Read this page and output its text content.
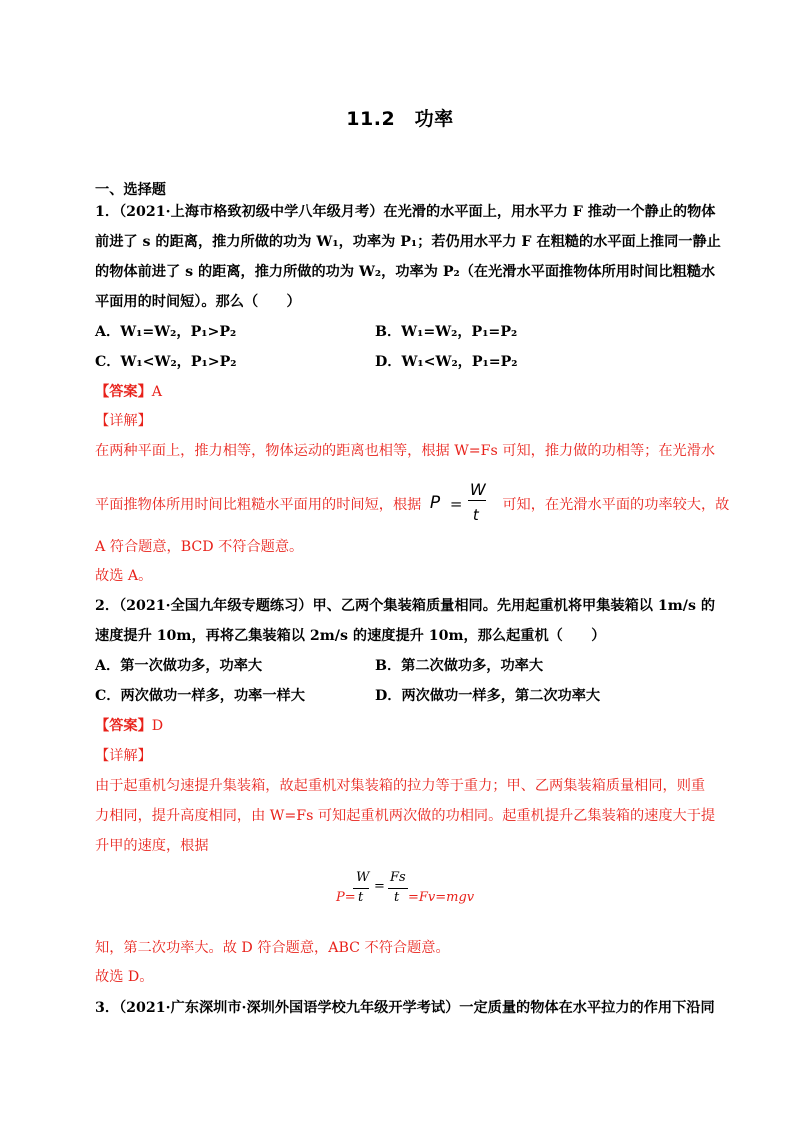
11.2　功率
一、选择题
1．（2021·上海市格致初级中学八年级月考）在光滑的水平面上，用水平力 F 推动一个静止的物体
前进了 s 的距离，推力所做的功为 W₁，功率为 P₁；若仍用水平力 F 在粗糙的水平面上推同一静止
的物体前进了 s 的距离，推力所做的功为 W₂，功率为 P₂（在光滑水平面推物体所用时间比粗糙水
平面用的时间短）。那么（　　）
A．W₁=W₂，P₁>P₂	B．W₁=W₂，P₁=P₂
C．W₁<W₂，P₁>P₂	D．W₁<W₂，P₁=P₂
【答案】A
【详解】
在两种平面上，推力相等，物体运动的距离也相等，根据 W=Fs 可知，推力做的功相等；在光滑水
平面推物体所用时间比粗糙水平面用的时间短，根据 P =
W
t
可知，在光滑水平面的功率较大，故
A 符合题意，BCD 不符合题意。
故选 A。
2．（2021·全国九年级专题练习）甲、乙两个集装箱质量相同。先用起重机将甲集装箱以 1m/s 的
速度提升 10m，再将乙集装箱以 2m/s 的速度提升 10m，那么起重机（　　）
A．第一次做功多，功率大	B．第二次做功多，功率大
C．两次做功一样多，功率一样大	D．两次做功一样多，第二次功率大
【答案】D
【详解】
由于起重机匀速提升集装箱，故起重机对集装箱的拉力等于重力；甲、乙两集装箱质量相同，则重
力相同，提升高度相同，由 W=Fs 可知起重机两次做的功相同。起重机提升乙集装箱的速度大于提
升甲的速度，根据
W
P= t
=
Fs
t =Fv=mgv
知，第二次功率大。故 D 符合题意，ABC 不符合题意。
故选 D。
3．（2021·广东深圳市·深圳外国语学校九年级开学考试）一定质量的物体在水平拉力的作用下沿同
